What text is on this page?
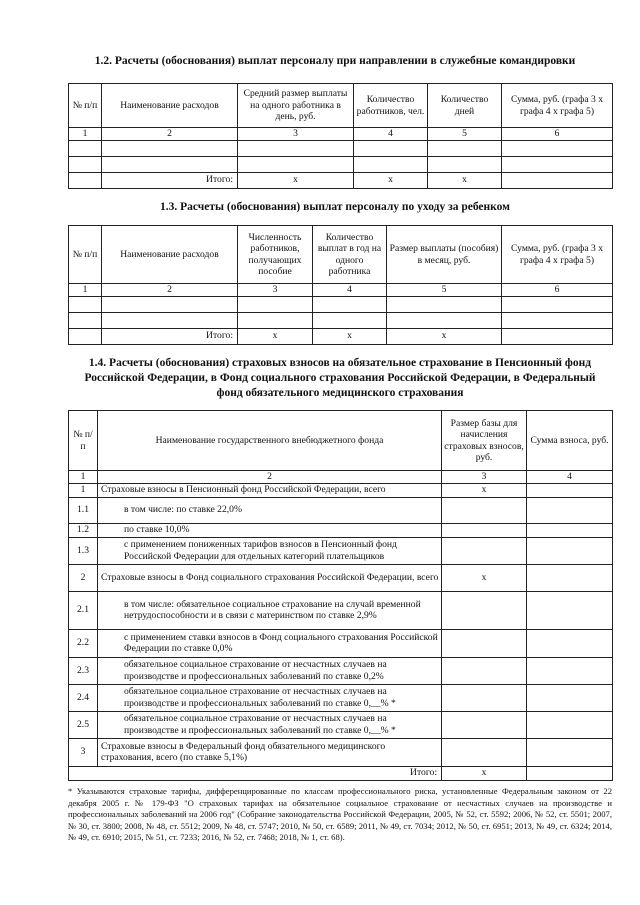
1.2. Расчеты (обоснования) выплат персоналу при направлении в служебные командировки
№ п/п	Наименование расходов	Средний размер выплаты на одного работника в день, руб.	Количество работников, чел.	Количество дней	Сумма, руб. (графа 3 х графа 4 х графа 5)
1	2	3	4	5	6

	Итого:	х	х	х	
1.3. Расчеты (обоснования) выплат персоналу по уходу за ребенком
№ п/п	Наименование расходов	Численность работников, получающих пособие	Количество выплат в год на одного работника	Размер выплаты (пособия) в месяц, руб.	Сумма, руб. (графа 3 х графа 4 х графа 5)
1	2	3	4	5	6

	Итого:	х	х	х	
1.4. Расчеты (обоснования) страховых взносов на обязательное страхование в Пенсионный фонд Российской Федерации, в Фонд социального страхования Российской Федерации, в Федеральный фонд обязательного медицинского страхования
№ п/п	Наименование государственного внебюджетного фонда	Размер базы для начисления страховых взносов, руб.	Сумма взноса, руб.
1	2	3	4
1	Страховые взносы в Пенсионный фонд Российской Федерации, всего	х	
1.1	в том числе: по ставке 22,0%		
1.2	по ставке 10,0%		
1.3	с применением пониженных тарифов взносов в Пенсионный фонд Российской Федерации для отдельных категорий плательщиков		
2	Страховые взносы в Фонд социального страхования Российской Федерации, всего	х	
2.1	в том числе: обязательное социальное страхование на случай временной нетрудоспособности и в связи с материнством по ставке 2,9%		
2.2	с применением ставки взносов в Фонд социального страхования Российской Федерации по ставке 0,0%		
2.3	обязательное социальное страхование от несчастных случаев на производстве и профессиональных заболеваний по ставке 0,2%		
2.4	обязательное социальное страхование от несчастных случаев на производстве и профессиональных заболеваний по ставке 0,__% *		
2.5	обязательное социальное страхование от несчастных случаев на производстве и профессиональных заболеваний по ставке 0,__% *		
3	Страховые взносы в Федеральный фонд обязательного медицинского страхования, всего (по ставке 5,1%)		
Итого:		х	

* Указываются страховые тарифы, дифференцированные по классам профессионального риска, установленные Федеральным законом от 22 декабря 2005 г. № 179-ФЗ "О страховых тарифах на обязательное социальное страхование от несчастных случаев на производстве и профессиональных заболеваний на 2006 год" (Собрание законодательства Российской Федерации, 2005, № 52, ст. 5592; 2006, № 52, ст. 5501; 2007, № 30, ст. 3800; 2008, № 48, ст. 5512; 2009, № 48, ст. 5747; 2010, № 50, ст. 6589; 2011, № 49, ст. 7034; 2012, № 50, ст. 6951; 2013, № 49, ст. 6324; 2014, № 49, ст. 6910; 2015, № 51, ст. 7233; 2016, № 52, ст. 7468; 2018, № 1, ст. 68).
